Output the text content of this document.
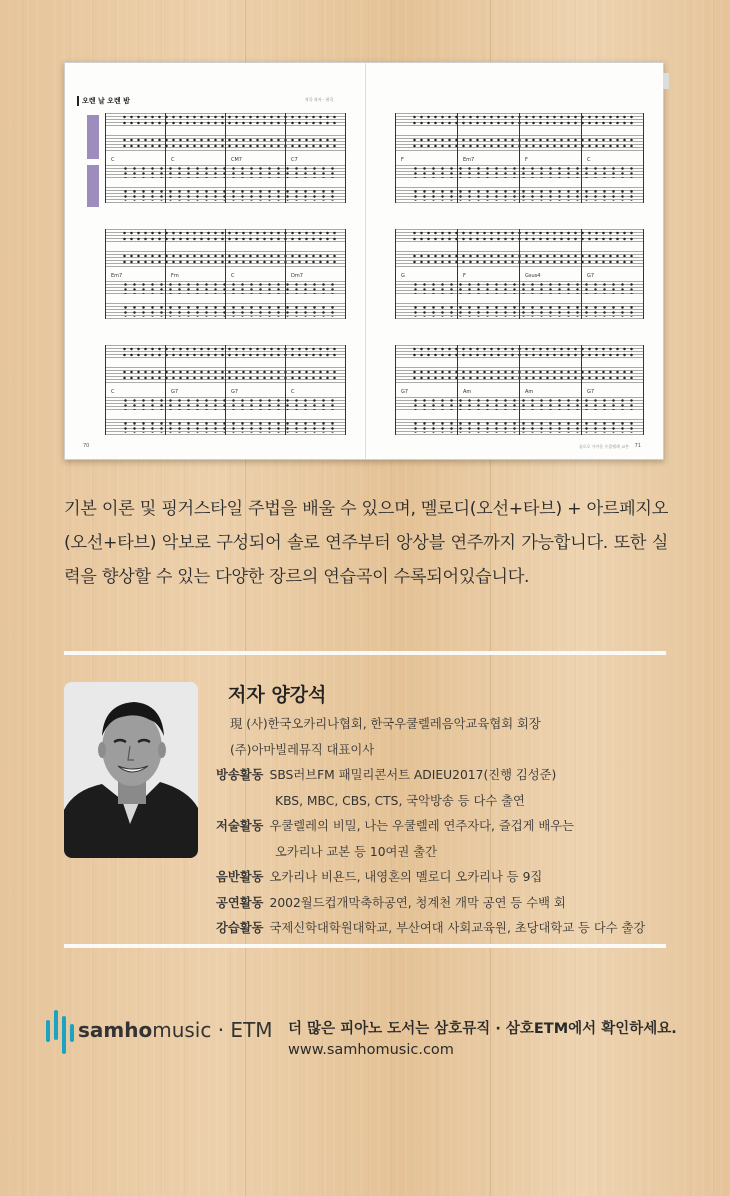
오렌 날 오렌 밤	작곡 작사 · 편곡
70	솔로로 가까운 우쿨렐레 교본 71
C	C	CM7	C7	F	Em7	F	C
Em7	Fm	C	Dm7	G	F	Gsus4	G7
C	G7	G7	C	G7	Am	Am	G7
기본 이론 및 핑거스타일 주법을 배울 수 있으며, 멜로디(오선+타브) + 아르페지오(오선+타브) 악보로 구성되어 솔로 연주부터 앙상블 연주까지 가능합니다. 또한 실력을 향상할 수 있는 다양한 장르의 연습곡이 수록되어있습니다.
저자 양강석
現 (사)한국오카리나협회, 한국우쿨렐레음악교육협회 회장
(주)아마빌레뮤직 대표이사
방송활동 SBS러브FM 패밀리콘서트 ADIEU2017(진행 김성준)
KBS, MBC, CBS, CTS, 국악방송 등 다수 출연
저술활동 우쿨렐레의 비밀, 나는 우쿨렐레 연주자다, 즐겁게 배우는
오카리나 교본 등 10여권 출간
음반활동 오카리나 비욘드, 내영혼의 멜로디 오카리나 등 9집
공연활동 2002월드컵개막축하공연, 청계천 개막 공연 등 수백 회
강습활동 국제신학대학원대학교, 부산여대 사회교육원, 초당대학교 등 다수 출강
samhomusic · ETM 더 많은 피아노 도서는 삼호뮤직 · 삼호ETM에서 확인하세요.
www.samhomusic.com
